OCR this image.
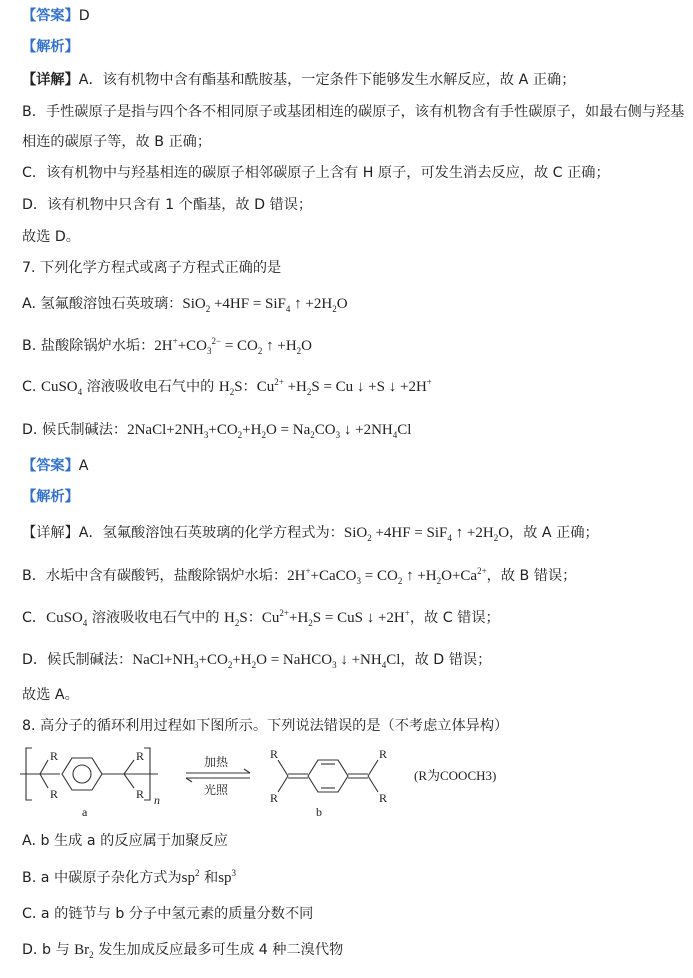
【答案】D
【解析】
【详解】A．该有机物中含有酯基和酰胺基，一定条件下能够发生水解反应，故 A 正确；
B．手性碳原子是指与四个各不相同原子或基团相连的碳原子，该有机物含有手性碳原子，如最右侧与羟基
相连的碳原子等，故 B 正确；
C．该有机物中与羟基相连的碳原子相邻碳原子上含有 H 原子，可发生消去反应，故 C 正确；
D．该有机物中只含有 1 个酯基，故 D 错误；
故选 D。
7. 下列化学方程式或离子方程式正确的是
A. 氢氟酸溶蚀石英玻璃：SiO$_2$ +4HF = SiF$_4$ ↑ $+2H_2O$
B. 盐酸除锅炉水垢：$2H^++CO_3^{2-} = CO_2$ ↑ $+H_2O$
C. CuSO$_4$ 溶液吸收电石气中的 $H_2S$：$Cu^{2+} +H_2S = Cu$ ↓ +S ↓ +2H+
D. 候氏制碱法：$2NaCl+2NH_3+CO_2+H_2O = Na_2CO_3$ ↓ $+2NH_4Cl$
【答案】A
【解析】
【详解】A．氢氟酸溶蚀石英玻璃的化学方程式为：SiO$_2$ +4HF = SiF$_4$ ↑ $+2H_2O$，故 A 正确；
B．水垢中含有碳酸钙，盐酸除锅炉水垢：2H++CaCO$_3$ = $CO_2$ ↑ $+H_2O+Ca^{2+}$，故 B 错误；
C．CuSO$_4$ 溶液吸收电石气中的 $H_2S$：$Cu^{2+}+H_2S$ = CuS ↓ +2H+，故 C 错误；
D．候氏制碱法：$NaCl+NH_3+CO_2+H_2O$ = NaHCO$_3$ ↓ $+NH_4Cl$，故 D 错误；
故选 A。
8. 高分子的循环利用过程如下图所示。下列说法错误的是（不考虑立体异构）
R
R
R
R n
R
R
R
R
a	b
(R为COOCH3)
加热
光照
A. b 生成 a 的反应属于加聚反应
B. a 中碳原子杂化方式为$sp^2$ 和$sp^3$
C. a 的链节与 b 分子中氢元素的质量分数不同
D. b 与 $Br_2$ 发生加成反应最多可生成 4 种二溴代物
